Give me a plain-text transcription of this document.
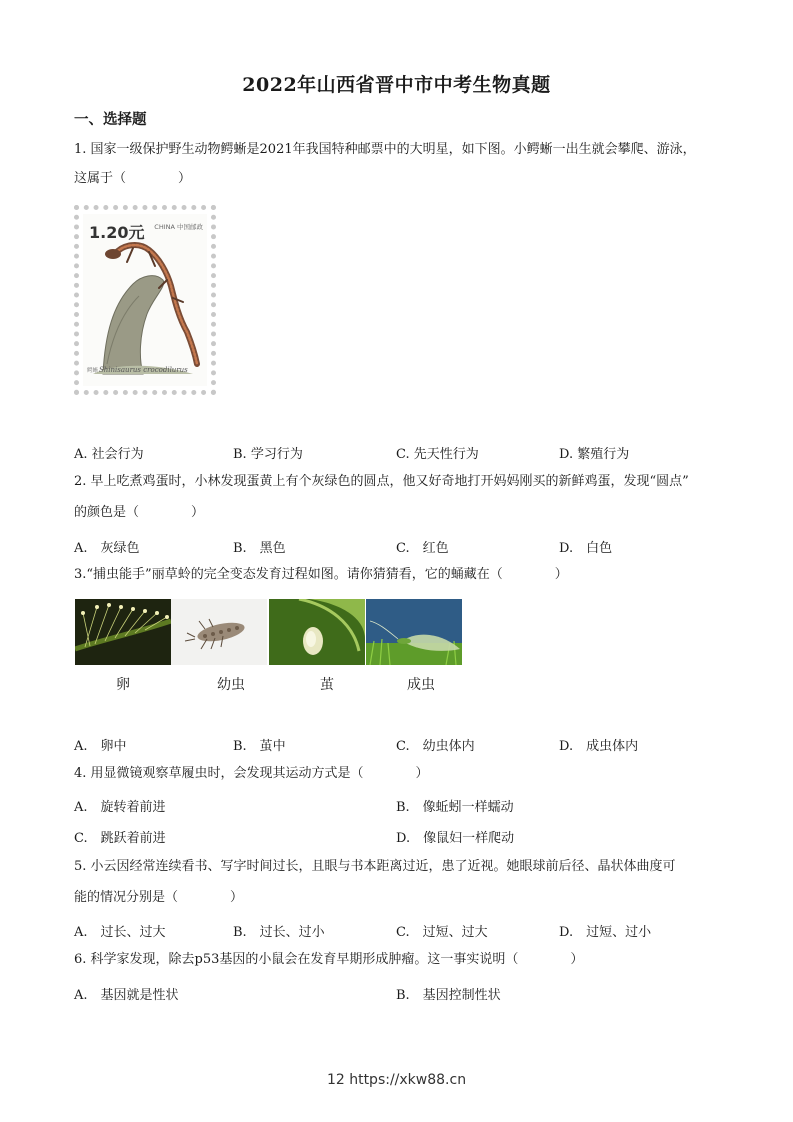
2022年山西省晋中市中考生物真题
一、选择题
1. 国家一级保护野生动物鳄蜥是2021年我国特种邮票中的大明星，如下图。小鳄蜥一出生就会攀爬、游泳，
这属于（　　　　）
1.20元 CHINA 中国邮政
鳄蜥 Shinisaurus crocodilurus
A. 社会行为	B. 学习行为	C. 先天性行为	D. 繁殖行为
2. 早上吃煮鸡蛋时，小林发现蛋黄上有个灰绿色的圆点，他又好奇地打开妈妈刚买的新鲜鸡蛋，发现“圆点”
的颜色是（　　　　）
A.　灰绿色	B.　黑色	C.　红色	D.　白色
3.“捕虫能手”丽草蛉的完全变态发育过程如图。请你猜猜看，它的蛹藏在（　　　　）
卵	幼虫	茧	成虫
A.　卵中	B.　茧中	C.　幼虫体内	D.　成虫体内
4. 用显微镜观察草履虫时，会发现其运动方式是（　　　　）
A.　旋转着前进	B.　像蚯蚓一样蠕动
C.　跳跃着前进	D.　像鼠妇一样爬动
5. 小云因经常连续看书、写字时间过长，且眼与书本距离过近，患了近视。她眼球前后径、晶状体曲度可
能的情况分别是（　　　　）
A.　过长、过大	B.　过长、过小	C.　过短、过大	D.　过短、过小
6. 科学家发现，除去p53基因的小鼠会在发育早期形成肿瘤。这一事实说明（　　　　）
A.　基因就是性状	B.　基因控制性状
12 https://xkw88.cn
